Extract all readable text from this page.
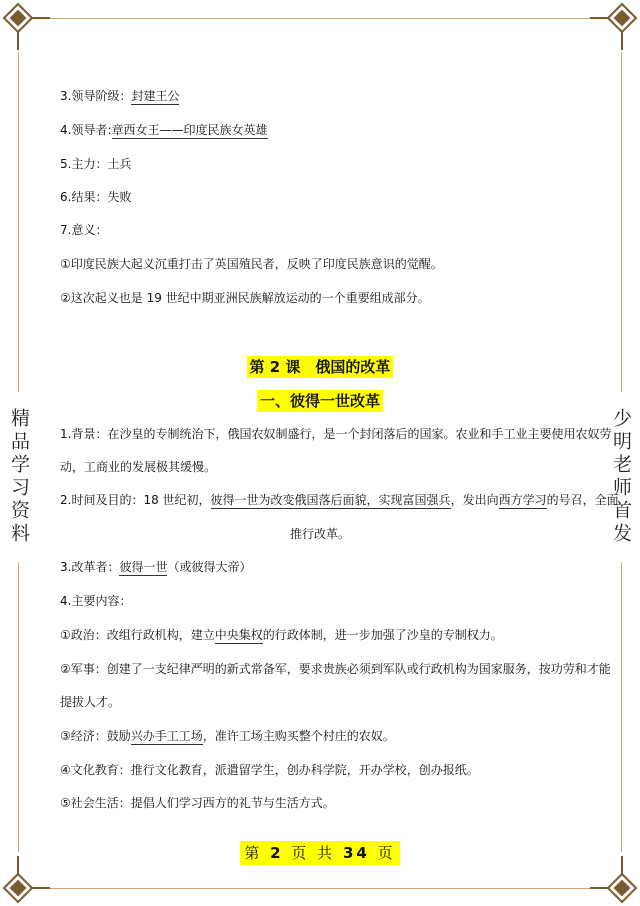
精品学习资料	少明老师首发
3.领导阶级：封建王公
4.领导者:章西女王——印度民族女英雄
5.主力：土兵
6.结果：失败
7.意义：
①印度民族大起义沉重打击了英国殖民者，反映了印度民族意识的觉醒。
②这次起义也是 19 世纪中期亚洲民族解放运动的一个重要组成部分。
第 2 课　俄国的改革
一、彼得一世改革
1.背景：在沙皇的专制统治下，俄国农奴制盛行，是一个封闭落后的国家。农业和手工业主要使用农奴劳
动，工商业的发展极其缓慢。
2.时间及目的：18 世纪初，彼得一世为改变俄国落后面貌，实现富国强兵，发出向西方学习的号召，全面
推行改革。
3.改革者：彼得一世（或彼得大帝）
4.主要内容：
①政治：改组行政机构，建立中央集权的行政体制，进一步加强了沙皇的专制权力。
②军事：创建了一支纪律严明的新式常备军，要求贵族必须到军队或行政机构为国家服务，按功劳和才能
提拔人才。
③经济：鼓励兴办手工工场，准许工场主购买整个村庄的农奴。
④文化教育：推行文化教育，派遣留学生，创办科学院，开办学校，创办报纸。
⑤社会生活：提倡人们学习西方的礼节与生活方式。
第 2 页 共 34 页
